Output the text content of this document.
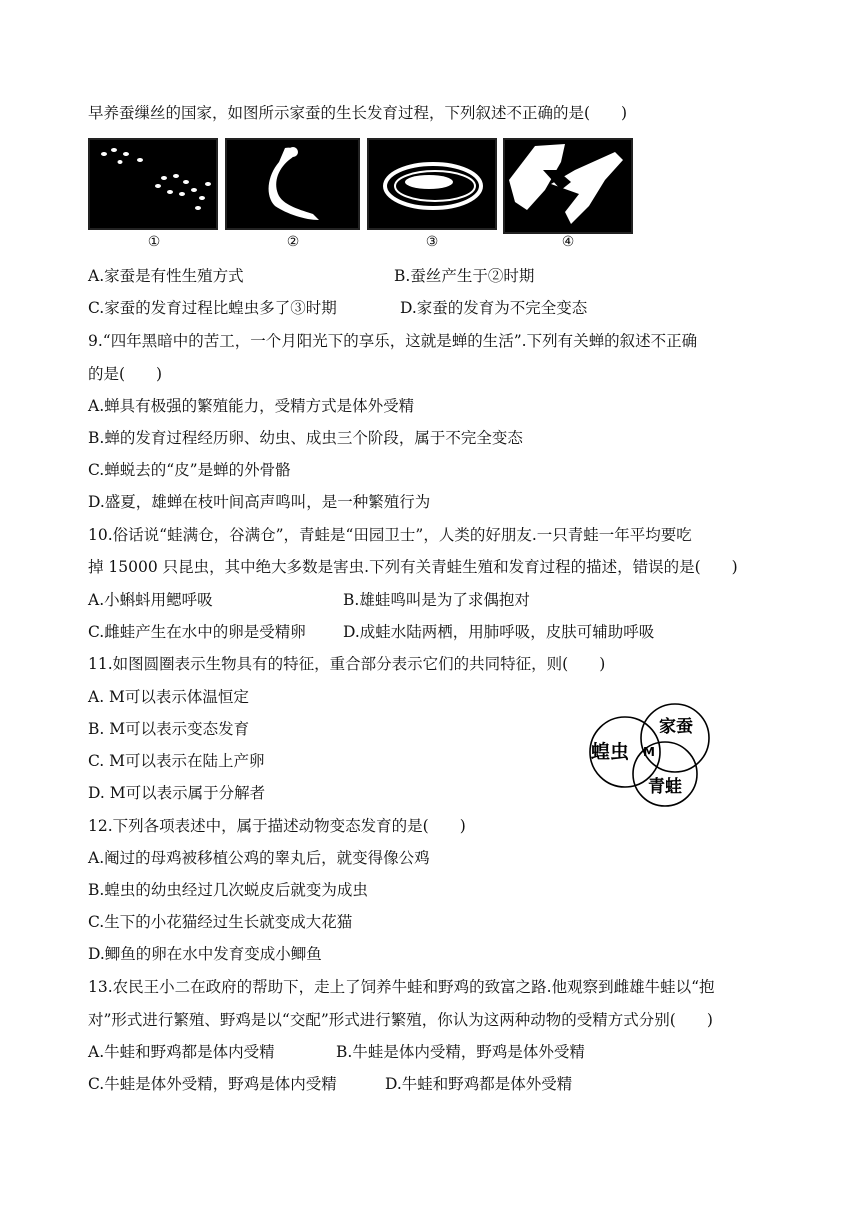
早养蚕缫丝的国家，如图所示家蚕的生长发育过程，下列叙述不正确的是(　　)
①	②	③	④
A.家蚕是有性生殖方式	B.蚕丝产生于②时期
C.家蚕的发育过程比蝗虫多了③时期	D.家蚕的发育为不完全变态
9.“四年黑暗中的苦工，一个月阳光下的享乐，这就是蝉的生活”.下列有关蝉的叙述不正确
的是(　　)
A.蝉具有极强的繁殖能力，受精方式是体外受精
B.蝉的发育过程经历卵、幼虫、成虫三个阶段，属于不完全变态
C.蝉蜕去的“皮”是蝉的外骨骼
D.盛夏，雄蝉在枝叶间高声鸣叫，是一种繁殖行为
10.俗话说“蛙满仓，谷满仓”，青蛙是“田园卫士”，人类的好朋友.一只青蛙一年平均要吃
掉 15000 只昆虫，其中绝大多数是害虫.下列有关青蛙生殖和发育过程的描述，错误的是(　　)
A.小蝌蚪用鳃呼吸	B.雄蛙鸣叫是为了求偶抱对
C.雌蛙产生在水中的卵是受精卵 D.成蛙水陆两栖，用肺呼吸，皮肤可辅助呼吸
11.如图圆圈表示生物具有的特征，重合部分表示它们的共同特征，则(　　)
A. M可以表示体温恒定
B. M可以表示变态发育
C. M可以表示在陆上产卵
D. M可以表示属于分解者
蝗虫
家蚕
青蛙
M
12.下列各项表述中，属于描述动物变态发育的是(　　)
A.阉过的母鸡被移植公鸡的睾丸后，就变得像公鸡
B.蝗虫的幼虫经过几次蜕皮后就变为成虫
C.生下的小花猫经过生长就变成大花猫
D.鲫鱼的卵在水中发育变成小鲫鱼
13.农民王小二在政府的帮助下，走上了饲养牛蛙和野鸡的致富之路.他观察到雌雄牛蛙以“抱
对”形式进行繁殖、野鸡是以“交配”形式进行繁殖，你认为这两种动物的受精方式分别(　　)
A.牛蛙和野鸡都是体内受精	B.牛蛙是体内受精，野鸡是体外受精
C.牛蛙是体外受精，野鸡是体内受精	D.牛蛙和野鸡都是体外受精
